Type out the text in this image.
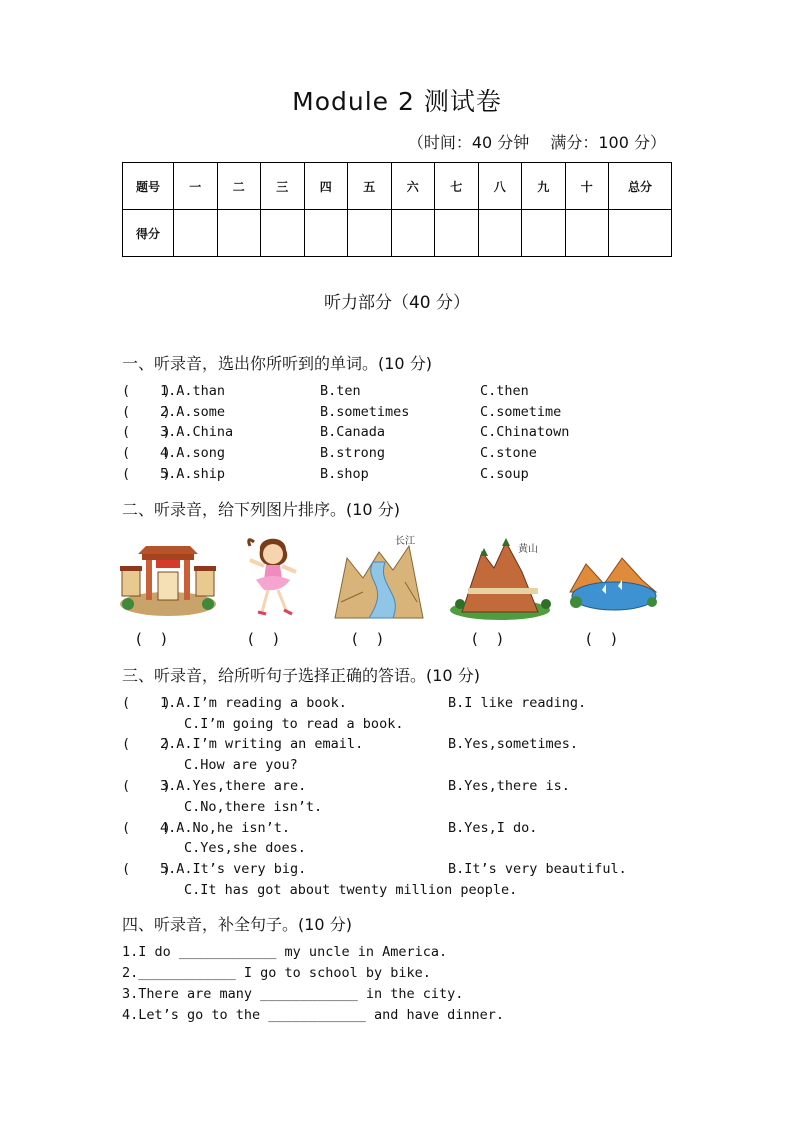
Module 2 测试卷
（时间：40 分钟　 满分：100 分）
题号	一	二	三	四	五	六	七	八	九	十	总分
得分											
听力部分（40 分）
一、听录音，选出你所听到的单词。(10 分)

(    )

1.A.than

	B.ten

	C.then

(    )

2.A.some

	B.sometimes

	C.sometime

(    )

3.A.China

	B.Canada

	C.Chinatown

(    )

4.A.song

	B.strong

	C.stone

(    )

5.A.ship

	B.shop

	C.soup

二、听录音，给下列图片排序。(10 分)
长江
黄山
(    )	(    )	(    )	(    )	(    )
三、听录音，给所听句子选择正确的答语。(10 分)

(    )

1.A.I’m reading a book.

	B.I like reading.

C.I’m going to read a book.

(    )

2.A.I’m writing an email.

	B.Yes,sometimes.

C.How are you?

(    )

3.A.Yes,there are.

	B.Yes,there is.

C.No,there isn’t.

(    )

4.A.No,he isn’t.

	B.Yes,I do.

C.Yes,she does.

(    )

5.A.It’s very big.

	B.It’s very beautiful.

C.It has got about twenty million people.

四、听录音，补全句子。(10 分)
1.I do ____________ my uncle in America.
2.____________ I go to school by bike.
3.There are many ____________ in the city.
4.Let’s go to the ____________ and have dinner.
